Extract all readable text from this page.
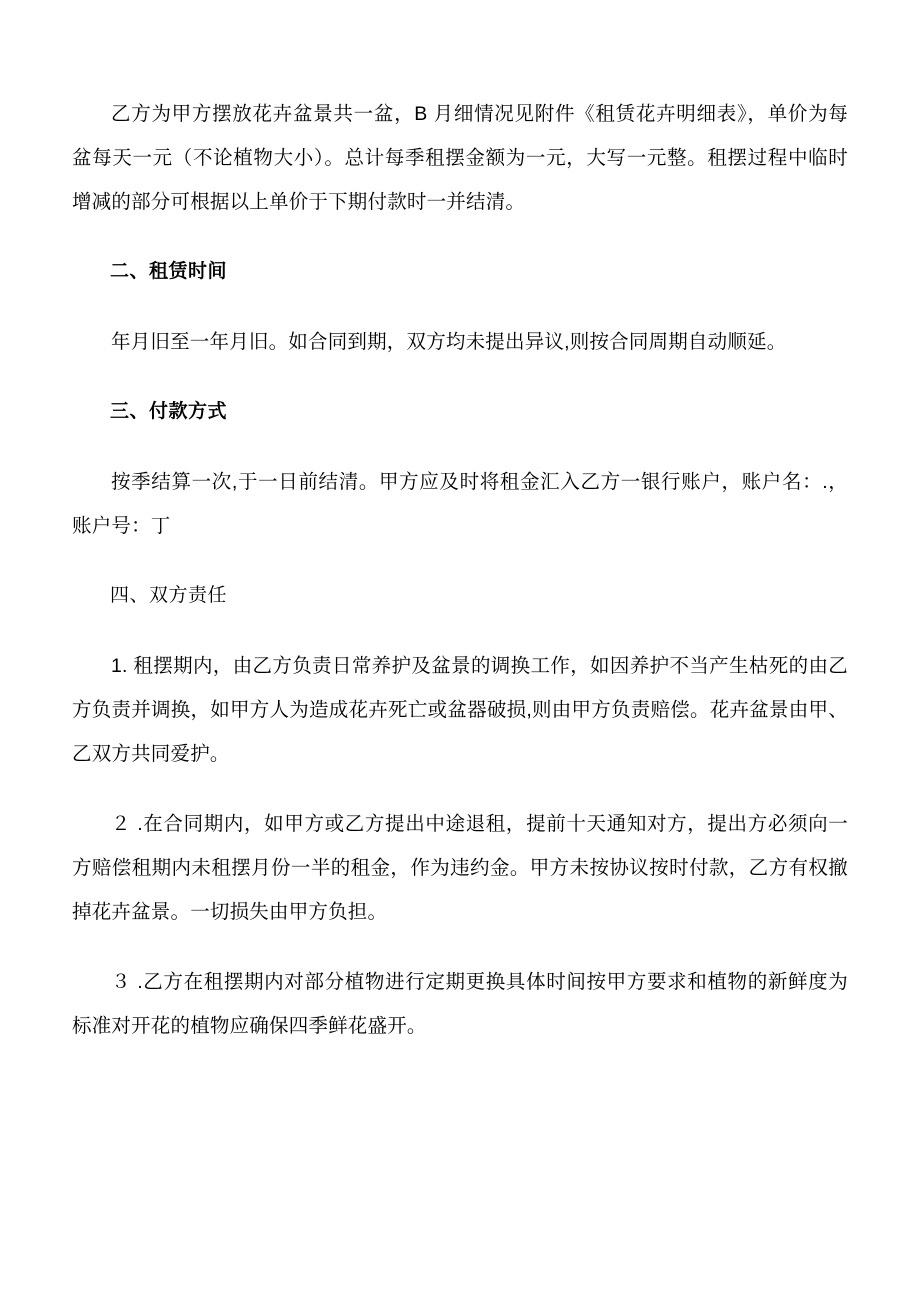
乙方为甲方摆放花卉盆景共一盆，B 月细情况见附件《租赁花卉明细表》，单价为每盆每天一元（不论植物大小）。总计每季租摆金额为一元，大写一元整。租摆过程中临时增减的部分可根据以上单价于下期付款时一并结清。

二、租赁时间

年月旧至一年月旧。如合同到期，双方均未提出异议,则按合同周期自动顺延。

三、付款方式

按季结算一次,于一日前结清。甲方应及时将租金汇入乙方一银行账户，账户名：.，账户号：丁

四、双方责任

1. 租摆期内，由乙方负责日常养护及盆景的调换工作，如因养护不当产生枯死的由乙方负责并调换，如甲方人为造成花卉死亡或盆器破损,则由甲方负责赔偿。花卉盆景由甲、乙双方共同爱护。

２ .在合同期内，如甲方或乙方提出中途退租，提前十天通知对方，提出方必须向一方赔偿租期内未租摆月份一半的租金，作为违约金。甲方未按协议按时付款，乙方有权撤掉花卉盆景。一切损失由甲方负担。

３ .乙方在租摆期内对部分植物进行定期更换具体时间按甲方要求和植物的新鲜度为标准对开花的植物应确保四季鲜花盛开。
